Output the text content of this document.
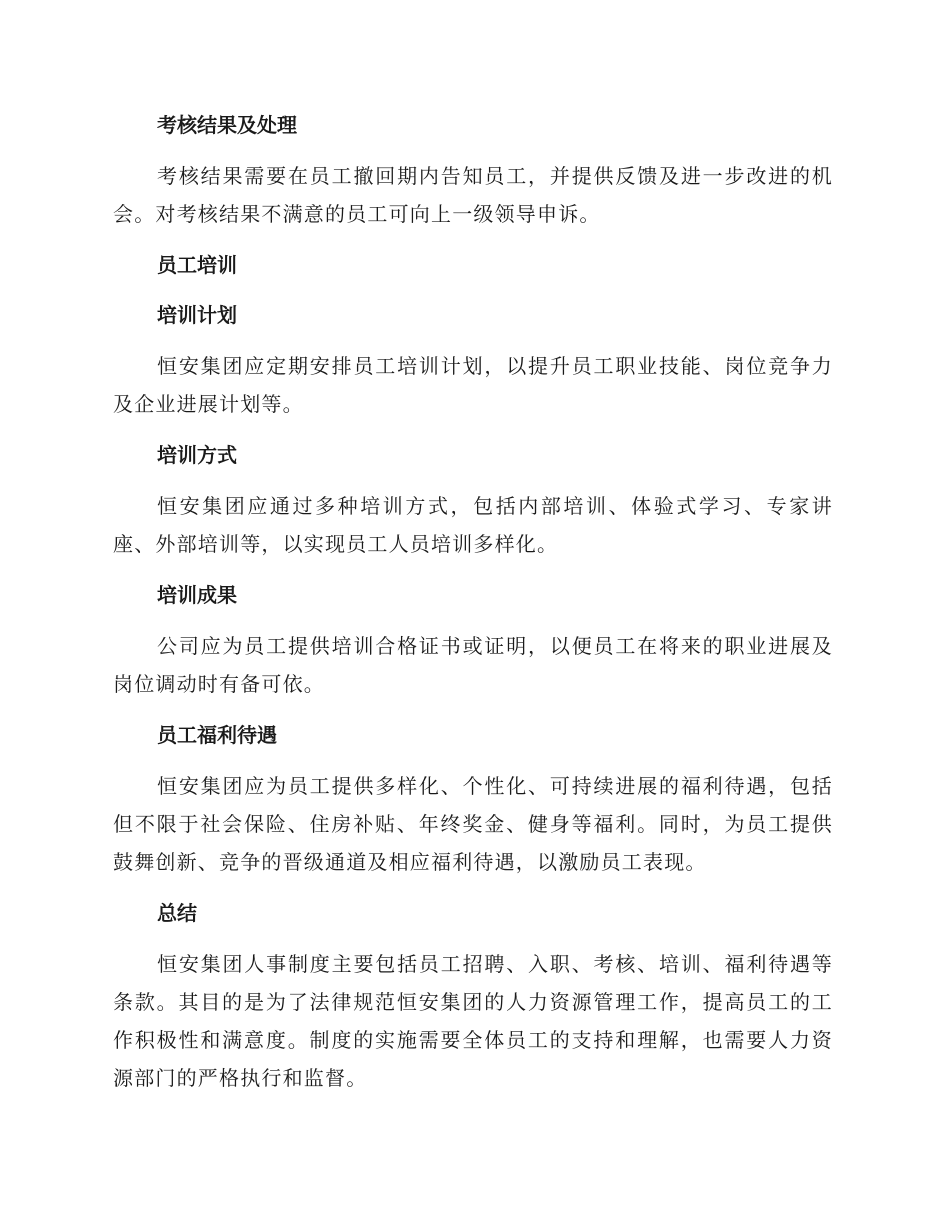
考核结果及处理

考核结果需要在员工撤回期内告知员工，并提供反馈及进一步改进的机会。对考核结果不满意的员工可向上一级领导申诉。

员工培训
培训计划

恒安集团应定期安排员工培训计划，以提升员工职业技能、岗位竞争力及企业进展计划等。

培训方式

恒安集团应通过多种培训方式，包括内部培训、体验式学习、专家讲座、外部培训等，以实现员工人员培训多样化。

培训成果

公司应为员工提供培训合格证书或证明，以便员工在将来的职业进展及岗位调动时有备可依。

员工福利待遇

恒安集团应为员工提供多样化、个性化、可持续进展的福利待遇，包括但不限于社会保险、住房补贴、年终奖金、健身等福利。同时，为员工提供鼓舞创新、竞争的晋级通道及相应福利待遇，以激励员工表现。

总结

恒安集团人事制度主要包括员工招聘、入职、考核、培训、福利待遇等条款。其目的是为了法律规范恒安集团的人力资源管理工作，提高员工的工作积极性和满意度。制度的实施需要全体员工的支持和理解，也需要人力资源部门的严格执行和监督。
